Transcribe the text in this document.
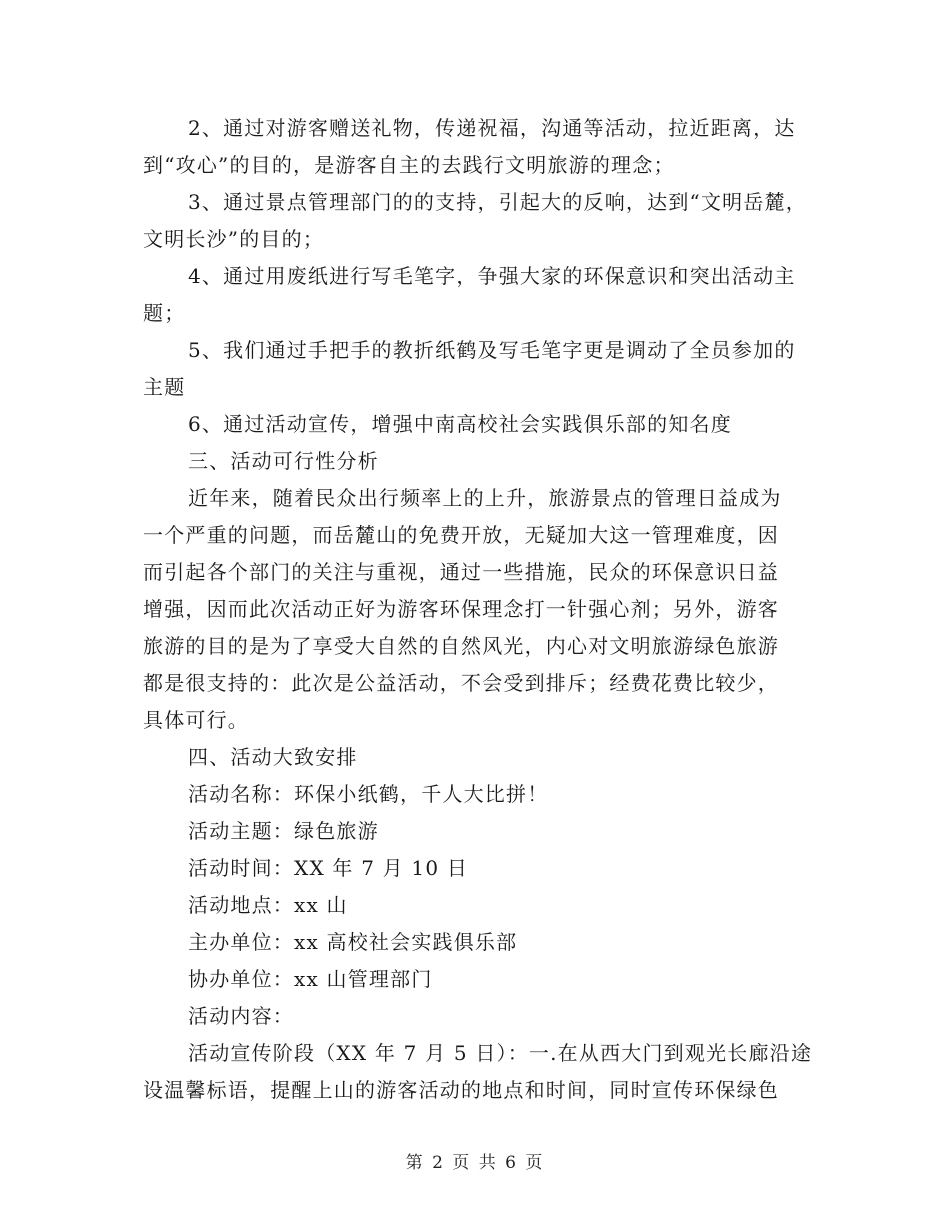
2、通过对游客赠送礼物，传递祝福，沟通等活动，拉近距离，达
到“攻心”的目的，是游客自主的去践行文明旅游的理念；
3、通过景点管理部门的的支持，引起大的反响，达到“文明岳麓，
文明长沙”的目的；
4、通过用废纸进行写毛笔字，争强大家的环保意识和突出活动主
题；
5、我们通过手把手的教折纸鹤及写毛笔字更是调动了全员参加的
主题
6、通过活动宣传，增强中南高校社会实践俱乐部的知名度
三、活动可行性分析
近年来，随着民众出行频率上的上升，旅游景点的管理日益成为
一个严重的问题，而岳麓山的免费开放，无疑加大这一管理难度，因
而引起各个部门的关注与重视，通过一些措施，民众的环保意识日益
增强，因而此次活动正好为游客环保理念打一针强心剂；另外，游客
旅游的目的是为了享受大自然的自然风光，内心对文明旅游绿色旅游
都是很支持的：此次是公益活动，不会受到排斥；经费花费比较少，
具体可行。
四、活动大致安排
活动名称：环保小纸鹤，千人大比拼！
活动主题：绿色旅游
活动时间：XX 年 7 月 10 日
活动地点：xx 山
主办单位：xx 高校社会实践俱乐部
协办单位：xx 山管理部门
活动内容：
活动宣传阶段（XX 年 7 月 5 日）：一.在从西大门到观光长廊沿途
设温馨标语，提醒上山的游客活动的地点和时间，同时宣传环保绿色
第 2 页 共 6 页
